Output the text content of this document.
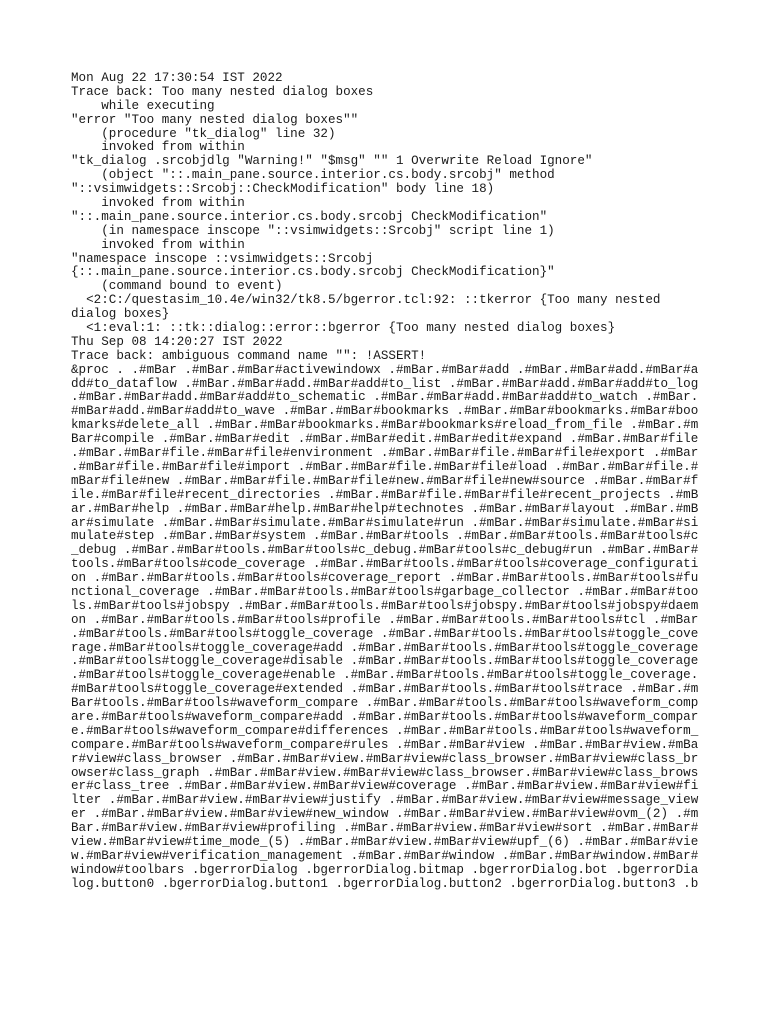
Mon Aug 22 17:30:54 IST 2022
Trace back: Too many nested dialog boxes
while executing
"error "Too many nested dialog boxes""
(procedure "tk_dialog" line 32)
invoked from within
"tk_dialog .srcobjdlg "Warning!" "$msg" "" 1 Overwrite Reload Ignore"
(object "::.main_pane.source.interior.cs.body.srcobj" method
"::vsimwidgets::Srcobj::CheckModification" body line 18)
invoked from within
"::.main_pane.source.interior.cs.body.srcobj CheckModification"
(in namespace inscope "::vsimwidgets::Srcobj" script line 1)
invoked from within
"namespace inscope ::vsimwidgets::Srcobj
{::.main_pane.source.interior.cs.body.srcobj CheckModification}"
(command bound to event)
<2:C:/questasim_10.4e/win32/tk8.5/bgerror.tcl:92: ::tkerror {Too many nested
dialog boxes}
<1:eval:1: ::tk::dialog::error::bgerror {Too many nested dialog boxes}
Thu Sep 08 14:20:27 IST 2022
Trace back: ambiguous command name "": !ASSERT!
&proc . .#mBar .#mBar.#mBar#activewindowx .#mBar.#mBar#add .#mBar.#mBar#add.#mBar#a
dd#to_dataflow .#mBar.#mBar#add.#mBar#add#to_list .#mBar.#mBar#add.#mBar#add#to_log
.#mBar.#mBar#add.#mBar#add#to_schematic .#mBar.#mBar#add.#mBar#add#to_watch .#mBar.
#mBar#add.#mBar#add#to_wave .#mBar.#mBar#bookmarks .#mBar.#mBar#bookmarks.#mBar#boo
kmarks#delete_all .#mBar.#mBar#bookmarks.#mBar#bookmarks#reload_from_file .#mBar.#m
Bar#compile .#mBar.#mBar#edit .#mBar.#mBar#edit.#mBar#edit#expand .#mBar.#mBar#file
.#mBar.#mBar#file.#mBar#file#environment .#mBar.#mBar#file.#mBar#file#export .#mBar
.#mBar#file.#mBar#file#import .#mBar.#mBar#file.#mBar#file#load .#mBar.#mBar#file.#
mBar#file#new .#mBar.#mBar#file.#mBar#file#new.#mBar#file#new#source .#mBar.#mBar#f
ile.#mBar#file#recent_directories .#mBar.#mBar#file.#mBar#file#recent_projects .#mB
ar.#mBar#help .#mBar.#mBar#help.#mBar#help#technotes .#mBar.#mBar#layout .#mBar.#mB
ar#simulate .#mBar.#mBar#simulate.#mBar#simulate#run .#mBar.#mBar#simulate.#mBar#si
mulate#step .#mBar.#mBar#system .#mBar.#mBar#tools .#mBar.#mBar#tools.#mBar#tools#c
_debug .#mBar.#mBar#tools.#mBar#tools#c_debug.#mBar#tools#c_debug#run .#mBar.#mBar#
tools.#mBar#tools#code_coverage .#mBar.#mBar#tools.#mBar#tools#coverage_configurati
on .#mBar.#mBar#tools.#mBar#tools#coverage_report .#mBar.#mBar#tools.#mBar#tools#fu
nctional_coverage .#mBar.#mBar#tools.#mBar#tools#garbage_collector .#mBar.#mBar#too
ls.#mBar#tools#jobspy .#mBar.#mBar#tools.#mBar#tools#jobspy.#mBar#tools#jobspy#daem
on .#mBar.#mBar#tools.#mBar#tools#profile .#mBar.#mBar#tools.#mBar#tools#tcl .#mBar
.#mBar#tools.#mBar#tools#toggle_coverage .#mBar.#mBar#tools.#mBar#tools#toggle_cove
rage.#mBar#tools#toggle_coverage#add .#mBar.#mBar#tools.#mBar#tools#toggle_coverage
.#mBar#tools#toggle_coverage#disable .#mBar.#mBar#tools.#mBar#tools#toggle_coverage
.#mBar#tools#toggle_coverage#enable .#mBar.#mBar#tools.#mBar#tools#toggle_coverage.
#mBar#tools#toggle_coverage#extended .#mBar.#mBar#tools.#mBar#tools#trace .#mBar.#m
Bar#tools.#mBar#tools#waveform_compare .#mBar.#mBar#tools.#mBar#tools#waveform_comp
are.#mBar#tools#waveform_compare#add .#mBar.#mBar#tools.#mBar#tools#waveform_compar
e.#mBar#tools#waveform_compare#differences .#mBar.#mBar#tools.#mBar#tools#waveform_
compare.#mBar#tools#waveform_compare#rules .#mBar.#mBar#view .#mBar.#mBar#view.#mBa
r#view#class_browser .#mBar.#mBar#view.#mBar#view#class_browser.#mBar#view#class_br
owser#class_graph .#mBar.#mBar#view.#mBar#view#class_browser.#mBar#view#class_brows
er#class_tree .#mBar.#mBar#view.#mBar#view#coverage .#mBar.#mBar#view.#mBar#view#fi
lter .#mBar.#mBar#view.#mBar#view#justify .#mBar.#mBar#view.#mBar#view#message_view
er .#mBar.#mBar#view.#mBar#view#new_window .#mBar.#mBar#view.#mBar#view#ovm_(2) .#m
Bar.#mBar#view.#mBar#view#profiling .#mBar.#mBar#view.#mBar#view#sort .#mBar.#mBar#
view.#mBar#view#time_mode_(5) .#mBar.#mBar#view.#mBar#view#upf_(6) .#mBar.#mBar#vie
w.#mBar#view#verification_management .#mBar.#mBar#window .#mBar.#mBar#window.#mBar#
window#toolbars .bgerrorDialog .bgerrorDialog.bitmap .bgerrorDialog.bot .bgerrorDia
log.button0 .bgerrorDialog.button1 .bgerrorDialog.button2 .bgerrorDialog.button3 .b
